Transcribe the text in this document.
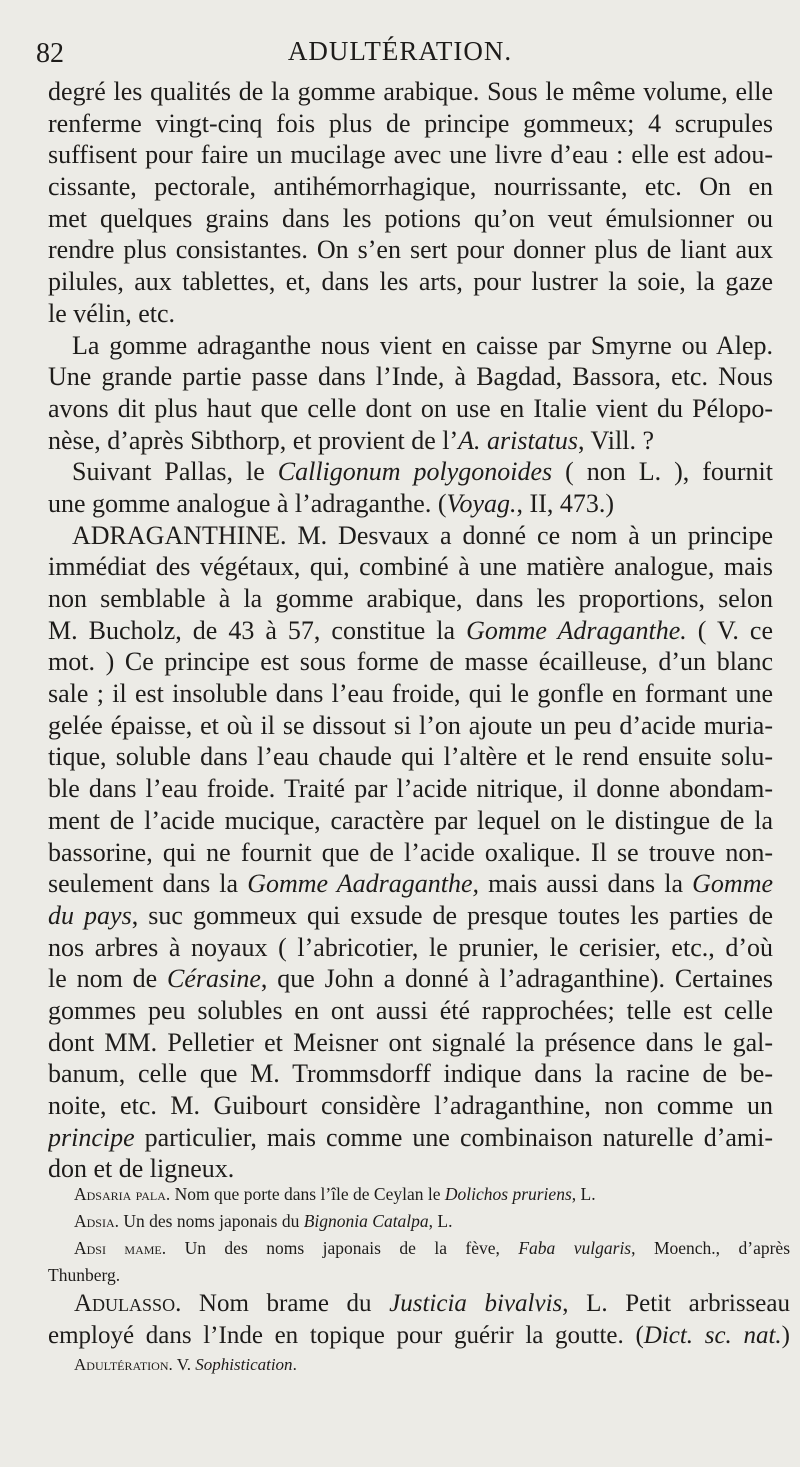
82	ADULTÉRATION.
degré les qualités de la gomme arabique. Sous le même volume, elle
renferme vingt-cinq fois plus de principe gommeux; 4 scrupules
suffisent pour faire un mucilage avec une livre d’eau : elle est adou-
cissante, pectorale, antihémorrhagique, nourrissante, etc. On en
met quelques grains dans les potions qu’on veut émulsionner ou
rendre plus consistantes. On s’en sert pour donner plus de liant aux
pilules, aux tablettes, et, dans les arts, pour lustrer la soie, la gaze
le vélin, etc.
La gomme adraganthe nous vient en caisse par Smyrne ou Alep.
Une grande partie passe dans l’Inde, à Bagdad, Bassora, etc. Nous
avons dit plus haut que celle dont on use en Italie vient du Pélopo-
nèse, d’après Sibthorp, et provient de l’A. aristatus, Vill. ?
Suivant Pallas, le Calligonum polygonoides ( non L. ), fournit
une gomme analogue à l’adraganthe. (Voyag., II, 473.)
ADRAGANTHINE. M. Desvaux a donné ce nom à un principe
immédiat des végétaux, qui, combiné à une matière analogue, mais
non semblable à la gomme arabique, dans les proportions, selon
M. Bucholz, de 43 à 57, constitue la Gomme Adraganthe. ( V. ce
mot. ) Ce principe est sous forme de masse écailleuse, d’un blanc
sale ; il est insoluble dans l’eau froide, qui le gonfle en formant une
gelée épaisse, et où il se dissout si l’on ajoute un peu d’acide muria-
tique, soluble dans l’eau chaude qui l’altère et le rend ensuite solu-
ble dans l’eau froide. Traité par l’acide nitrique, il donne abondam-
ment de l’acide mucique, caractère par lequel on le distingue de la
bassorine, qui ne fournit que de l’acide oxalique. Il se trouve non-
seulement dans la Gomme Aadraganthe, mais aussi dans la Gomme
du pays, suc gommeux qui exsude de presque toutes les parties de
nos arbres à noyaux ( l’abricotier, le prunier, le cerisier, etc., d’où
le nom de Cérasine, que John a donné à l’adraganthine). Certaines
gommes peu solubles en ont aussi été rapprochées; telle est celle
dont MM. Pelletier et Meisner ont signalé la présence dans le gal-
banum, celle que M. Trommsdorff indique dans la racine de be-
noite, etc. M. Guibourt considère l’adraganthine, non comme un
principe particulier, mais comme une combinaison naturelle d’ami-
don et de ligneux.
Adsaria pala. Nom que porte dans l’île de Ceylan le Dolichos pruriens, L.
Adsia. Un des noms japonais du Bignonia Catalpa, L.
Adsi mame. Un des noms japonais de la fève, Faba vulgaris, Moench., d’après
Thunberg.
Adulasso. Nom brame du Justicia bivalvis, L. Petit arbrisseau
employé dans l’Inde en topique pour guérir la goutte. (Dict. sc. nat.)
Adultération. V. Sophistication.
